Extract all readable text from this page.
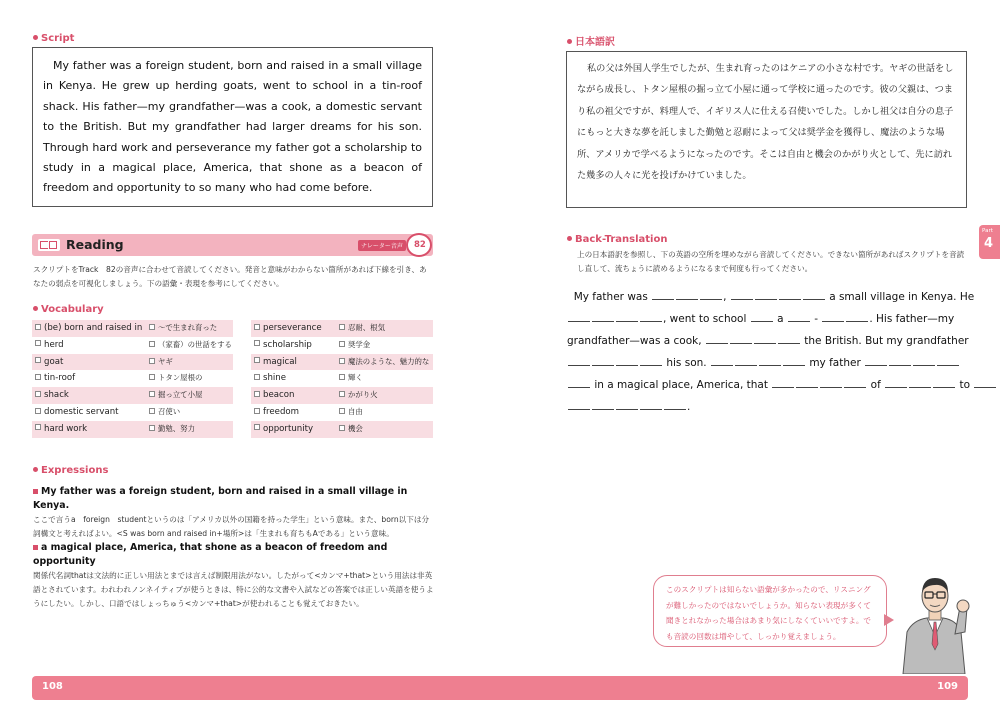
Script

My father was a foreign student, born and raised in a small village in Kenya. He grew up herding goats, went to school in a tin-roof shack. His father—my grandfather—was a cook, a domestic servant to the British. But my grandfather had larger dreams for his son. Through hard work and perseverance my father got a scholarship to study in a magical place, America, that shone as a beacon of freedom and opportunity to so many who had come before.

Reading	ナレーター音声	82

スクリプトをTrack　82の音声に合わせて音読してください。発音と意味がわからない箇所があれば下線を引き、あなたの弱点を可視化しましょう。下の語彙・表現を参考にしてください。

Vocabulary
(be) born and raised in	～で生まれ育った
herd	（家畜）の世話をする
goat	ヤギ
tin-roof	トタン屋根の
shack	掘っ立て小屋
domestic servant	召使い
hard work	勤勉、努力
perseverance	忍耐、根気
scholarship	奨学金
magical	魔法のような、魅力的な
shine	輝く
beacon	かがり火
freedom	自由
opportunity	機会
Expressions

My father was a foreign student, born and raised in a small village in Kenya.

ここで言うa　foreign　studentというのは「アメリカ以外の国籍を持った学生」という意味。また、born以下は分詞構文と考えればよい。<S was born and raised in+場所>は「生まれも育ちもAである」という意味。

a magical place, America, that shone as a beacon of freedom and opportunity

関係代名詞thatは文法的に正しい用法とまでは言えば制限用法がない。したがって<カンマ+that>という用法は非英語とされています。われわれノンネイティブが使うときは、特に公的な文書や入試などの答案では正しい英語を使うようにしたい。しかし、口語ではしょっちゅう<カンマ+that>が使われることも覚えておきたい。

日本語訳

私の父は外国人学生でしたが、生まれ育ったのはケニアの小さな村です。ヤギの世話をしながら成長し、トタン屋根の掘っ立て小屋に通って学校に通ったのです。彼の父親は、つまり私の祖父ですが、料理人で、イギリス人に仕える召使いでした。しかし祖父は自分の息子にもっと大きな夢を託しました勤勉と忍耐によって父は奨学金を獲得し、魔法のような場所、アメリカで学べるようになったのです。そこは自由と機会のかがり火として、先に訪れた幾多の人々に光を投げかけていました。

Part
4
Back-Translation

上の日本語訳を参照し、下の英語の空所を埋めながら音読してください。できない箇所があればスクリプトを音読し直して、流ちょうに読めるようになるまで何度も行ってください。

My father was	,	a small village in Kenya. He
, went to school	a	-	. His father—my
grandfather—was a cook,	the British. But my grandfather
his son.	my father
in a magical place, America, that	of	to
.

このスクリプトは知らない語彙が多かったので、リスニングが難しかったのではないでしょうか。知らない表現が多くて聞きとれなかった場合はあまり気にしなくていいですよ。でも音読の回数は増やして、しっかり覚えましょう。

108	109
